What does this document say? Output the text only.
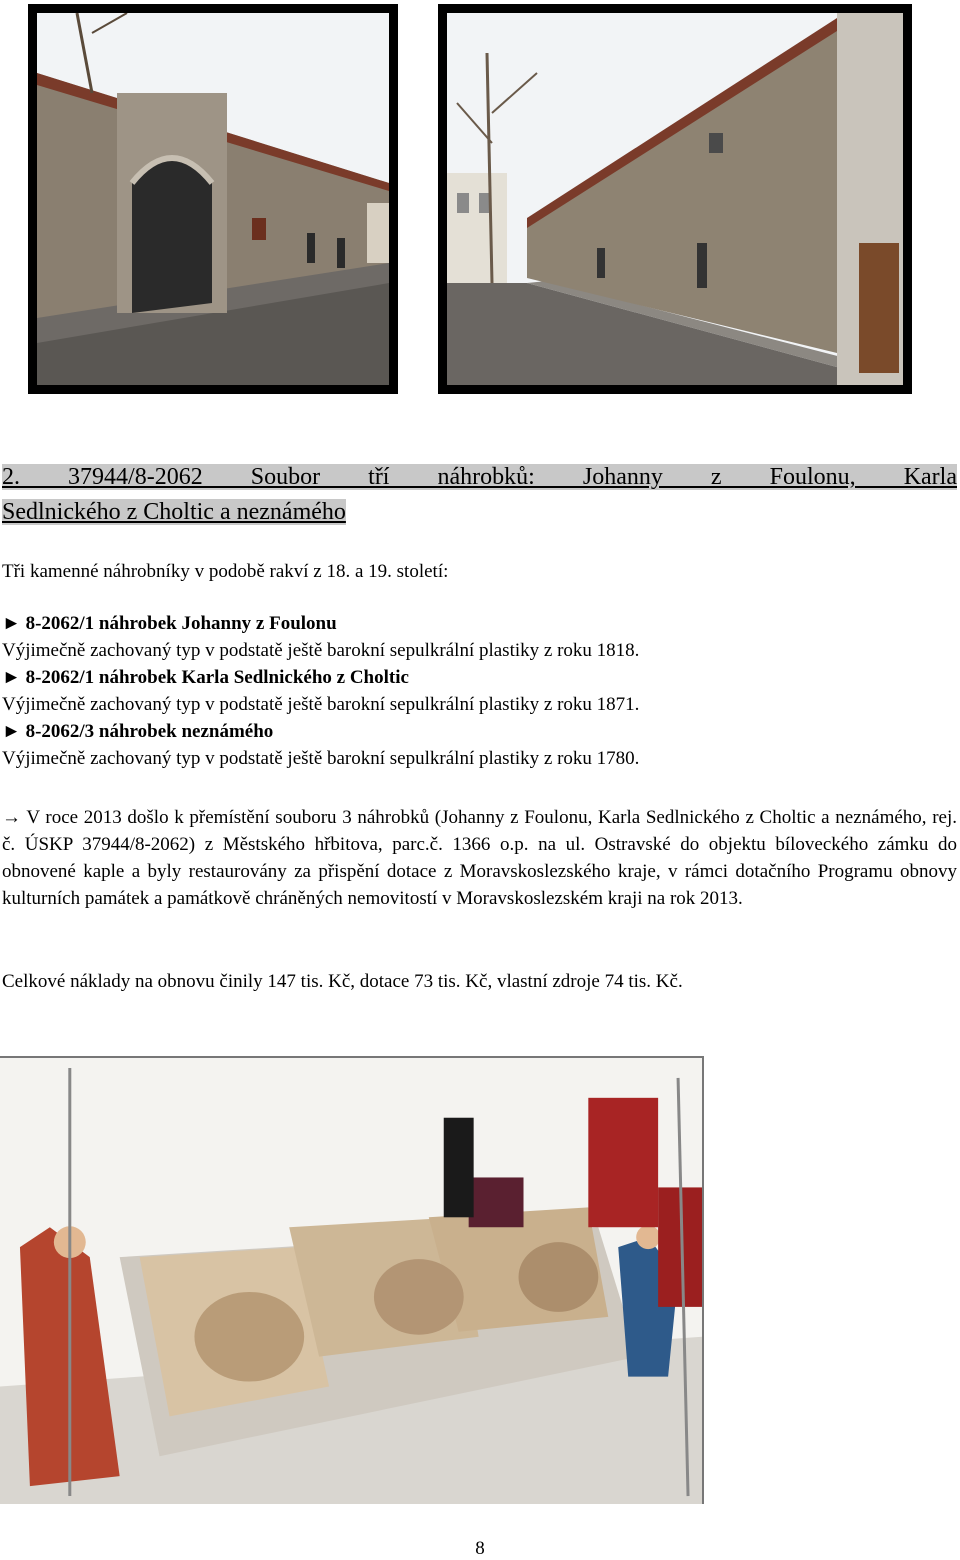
2. 37944/8-2062 Soubor tří náhrobků: Johanny z Foulonu, Karla
Sedlnického z Choltic a neznámého
Tři kamenné náhrobníky v podobě rakví z 18. a 19. století:
► 8-2062/1 náhrobek Johanny z Foulonu
Výjimečně zachovaný typ v podstatě ještě barokní sepulkrální plastiky z roku 1818.
► 8-2062/1 náhrobek Karla Sedlnického z Choltic
Výjimečně zachovaný typ v podstatě ještě barokní sepulkrální plastiky z roku 1871.
► 8-2062/3 náhrobek neznámého
Výjimečně zachovaný typ v podstatě ještě barokní sepulkrální plastiky z roku 1780.
→ V roce 2013 došlo k přemístění souboru 3 náhrobků (Johanny z Foulonu, Karla Sedlnického z Choltic a neznámého, rej. č. ÚSKP 37944/8-2062) z Městského hřbitova, parc.č. 1366 o.p. na ul. Ostravské do objektu bíloveckého zámku do obnovené kaple a byly restaurovány za přispění dotace z Moravskoslezského kraje, v rámci dotačního Programu obnovy kulturních památek a památkově chráněných nemovitostí v Moravskoslezském kraji na rok 2013.
Celkové náklady na obnovu činily 147 tis. Kč, dotace 73 tis. Kč, vlastní zdroje 74 tis. Kč.
8
